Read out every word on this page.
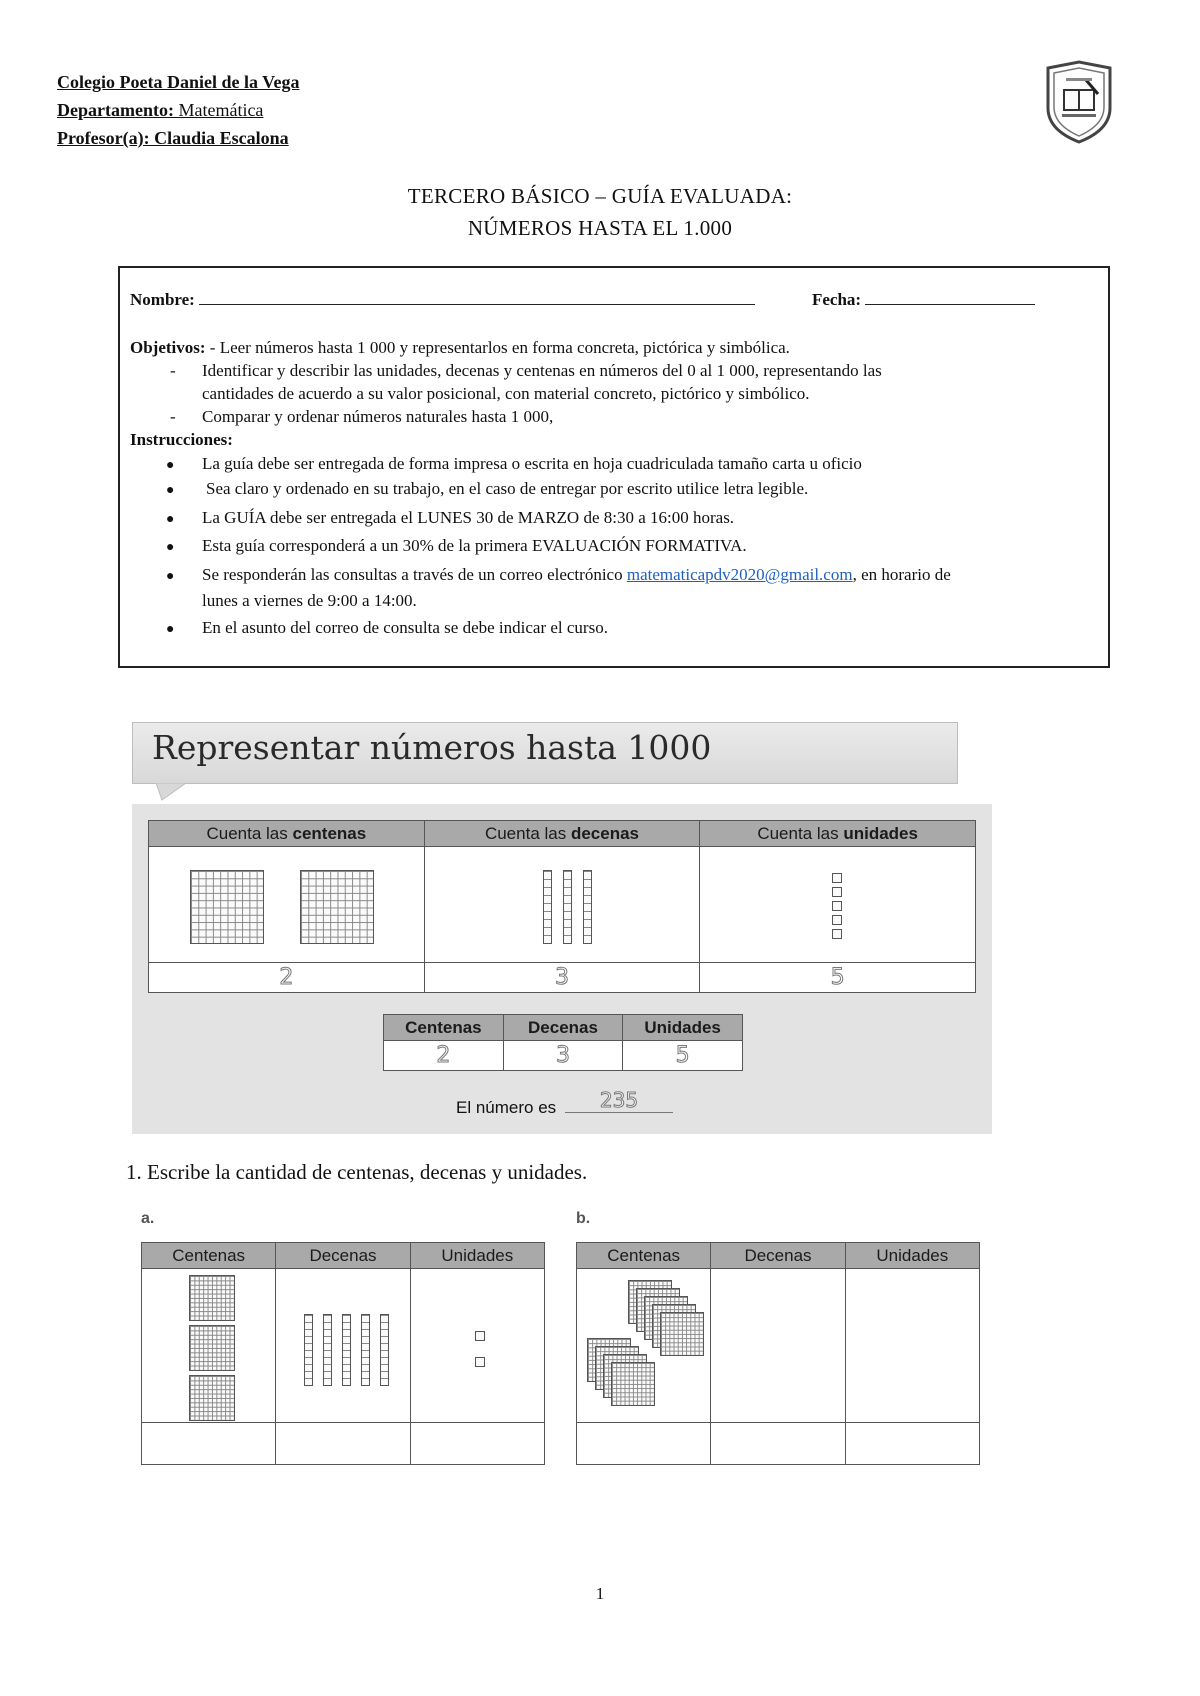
Colegio Poeta Daniel de la Vega
Departamento: Matemática
Profesor(a): Claudia Escalona
TERCERO BÁSICO – GUÍA EVALUADA:
NÚMEROS HASTA EL 1.000
Nombre:	Fecha:
Objetivos: - Leer números hasta 1 000 y representarlos en forma concreta, pictórica y simbólica.
- Identificar y describir las unidades, decenas y centenas en números del 0 al 1 000, representando las
cantidades de acuerdo a su valor posicional, con material concreto, pictórico y simbólico.
- Comparar y ordenar números naturales hasta 1 000,
Instrucciones:
● La guía debe ser entregada de forma impresa o escrita en hoja cuadriculada tamaño carta u oficio
● Sea claro y ordenado en su trabajo, en el caso de entregar por escrito utilice letra legible.
● La GUÍA debe ser entregada el LUNES 30 de MARZO de 8:30 a 16:00 horas.
● Esta guía corresponderá a un 30% de la primera EVALUACIÓN FORMATIVA.
● Se responderán las consultas a través de un correo electrónico matematicapdv2020@gmail.com, en horario de
lunes a viernes de 9:00 a 14:00.
● En el asunto del correo de consulta se debe indicar el curso.
Representar números hasta 1000
Cuenta las centenas	Cuenta las decenas	Cuenta las unidades

2	3	5
Centenas	Decenas	Unidades
2	3	5
El número es	235
1. Escribe la cantidad de centenas, decenas y unidades.
a.	b.
Centenas	Decenas	Unidades

			Centenas	Decenas	Unidades

1
